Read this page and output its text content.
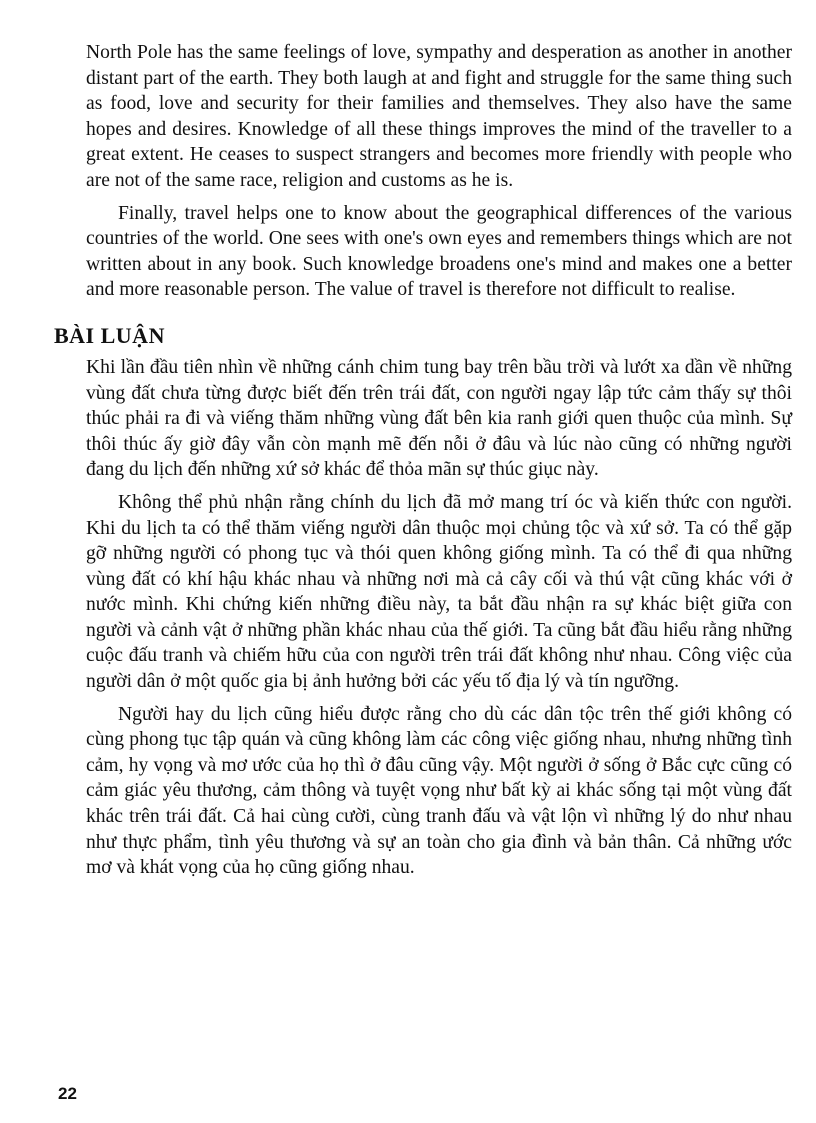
North Pole has the same feelings of love, sympathy and desperation as another in another distant part of the earth. They both laugh at and fight and struggle for the same thing such as food, love and security for their families and themselves. They also have the same hopes and desires. Knowledge of all these things improves the mind of the traveller to a great extent. He ceases to suspect strangers and becomes more friendly with people who are not of the same race, religion and customs as he is.

Finally, travel helps one to know about the geographical differences of the various countries of the world. One sees with one's own eyes and remembers things which are not written about in any book. Such knowledge broadens one's mind and makes one a better and more reasonable person. The value of travel is therefore not difficult to realise.

BÀI LUẬN

Khi lần đầu tiên nhìn về những cánh chim tung bay trên bầu trời và lướt xa dần về những vùng đất chưa từng được biết đến trên trái đất, con người ngay lập tức cảm thấy sự thôi thúc phải ra đi và viếng thăm những vùng đất bên kia ranh giới quen thuộc của mình. Sự thôi thúc ấy giờ đây vẫn còn mạnh mẽ đến nỗi ở đâu và lúc nào cũng có những người đang du lịch đến những xứ sở khác để thỏa mãn sự thúc giục này.

Không thể phủ nhận rằng chính du lịch đã mở mang trí óc và kiến thức con người. Khi du lịch ta có thể thăm viếng người dân thuộc mọi chủng tộc và xứ sở. Ta có thể gặp gỡ những người có phong tục và thói quen không giống mình. Ta có thể đi qua những vùng đất có khí hậu khác nhau và những nơi mà cả cây cối và thú vật cũng khác với ở nước mình. Khi chứng kiến những điều này, ta bắt đầu nhận ra sự khác biệt giữa con người và cảnh vật ở những phần khác nhau của thế giới. Ta cũng bắt đầu hiểu rằng những cuộc đấu tranh và chiếm hữu của con người trên trái đất không như nhau. Công việc của người dân ở một quốc gia bị ảnh hưởng bởi các yếu tố địa lý và tín ngưỡng.

Người hay du lịch cũng hiểu được rằng cho dù các dân tộc trên thế giới không có cùng phong tục tập quán và cũng không làm các công việc giống nhau, nhưng những tình cảm, hy vọng và mơ ước của họ thì ở đâu cũng vậy. Một người ở sống ở Bắc cực cũng có cảm giác yêu thương, cảm thông và tuyệt vọng như bất kỳ ai khác sống tại một vùng đất khác trên trái đất. Cả hai cùng cười, cùng tranh đấu và vật lộn vì những lý do như nhau như thực phẩm, tình yêu thương và sự an toàn cho gia đình và bản thân. Cả những ước mơ và khát vọng của họ cũng giống nhau.

22
